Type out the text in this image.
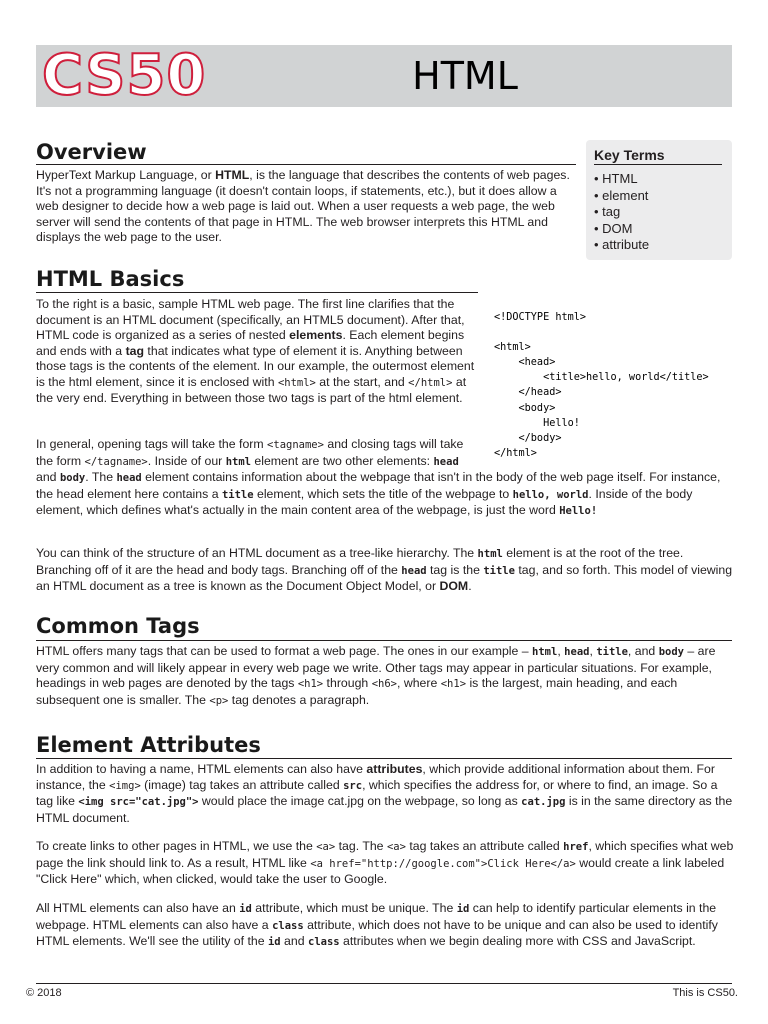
CS50	HTML
Overview

HyperText Markup Language, or HTML, is the language that describes the contents of web pages. It's not a programming language (it doesn't contain loops, if statements, etc.), but it does allow a web designer to decide how a web page is laid out. When a user requests a web page, the web server will send the contents of that page in HTML. The web browser interprets this HTML and displays the web page to the user.

Key Terms
• HTML
• element
• tag
• DOM
• attribute
HTML Basics

To the right is a basic, sample HTML web page. The first line clarifies that the document is an HTML document (specifically, an HTML5 document). After that, HTML code is organized as a series of nested elements. Each element begins and ends with a tag that indicates what type of element it is. Anything between those tags is the contents of the element. In our example, the outermost element is the html element, since it is enclosed with <html> at the start, and </html> at the very end. Everything in between those two tags is part of the html element.

<!DOCTYPE html>

<html>
<head>
<title>hello, world</title>
</head>
<body>
Hello!
</body>
</html>

In general, opening tags will take the form <tagname> and closing tags will take the form </tagname>. Inside of our html element are two other elements: head and body. The head element contains information about the webpage that isn't in the body of the web page itself. For instance, the head element here contains a title element, which sets the title of the webpage to hello, world. Inside of the body element, which defines what's actually in the main content area of the webpage, is just the word Hello!

You can think of the structure of an HTML document as a tree-like hierarchy. The html element is at the root of the tree. Branching off of it are the head and body tags. Branching off of the head tag is the title tag, and so forth. This model of viewing an HTML document as a tree is known as the Document Object Model, or DOM.

Common Tags

HTML offers many tags that can be used to format a web page. The ones in our example – html, head, title, and body – are very common and will likely appear in every web page we write. Other tags may appear in particular situations. For example, headings in web pages are denoted by the tags <h1> through <h6>, where <h1> is the largest, main heading, and each subsequent one is smaller. The <p> tag denotes a paragraph.

Element Attributes

In addition to having a name, HTML elements can also have attributes, which provide additional information about them. For instance, the <img> (image) tag takes an attribute called src, which specifies the address for, or where to find, an image. So a tag like <img src="cat.jpg"> would place the image cat.jpg on the webpage, so long as cat.jpg is in the same directory as the HTML document.

To create links to other pages in HTML, we use the <a> tag. The <a> tag takes an attribute called href, which specifies what web page the link should link to. As a result, HTML like <a href="http://google.com">Click Here</a> would create a link labeled "Click Here" which, when clicked, would take the user to Google.

All HTML elements can also have an id attribute, which must be unique. The id can help to identify particular elements in the webpage. HTML elements can also have a class attribute, which does not have to be unique and can also be used to identify HTML elements. We'll see the utility of the id and class attributes when we begin dealing more with CSS and JavaScript.

© 2018	This is CS50.
